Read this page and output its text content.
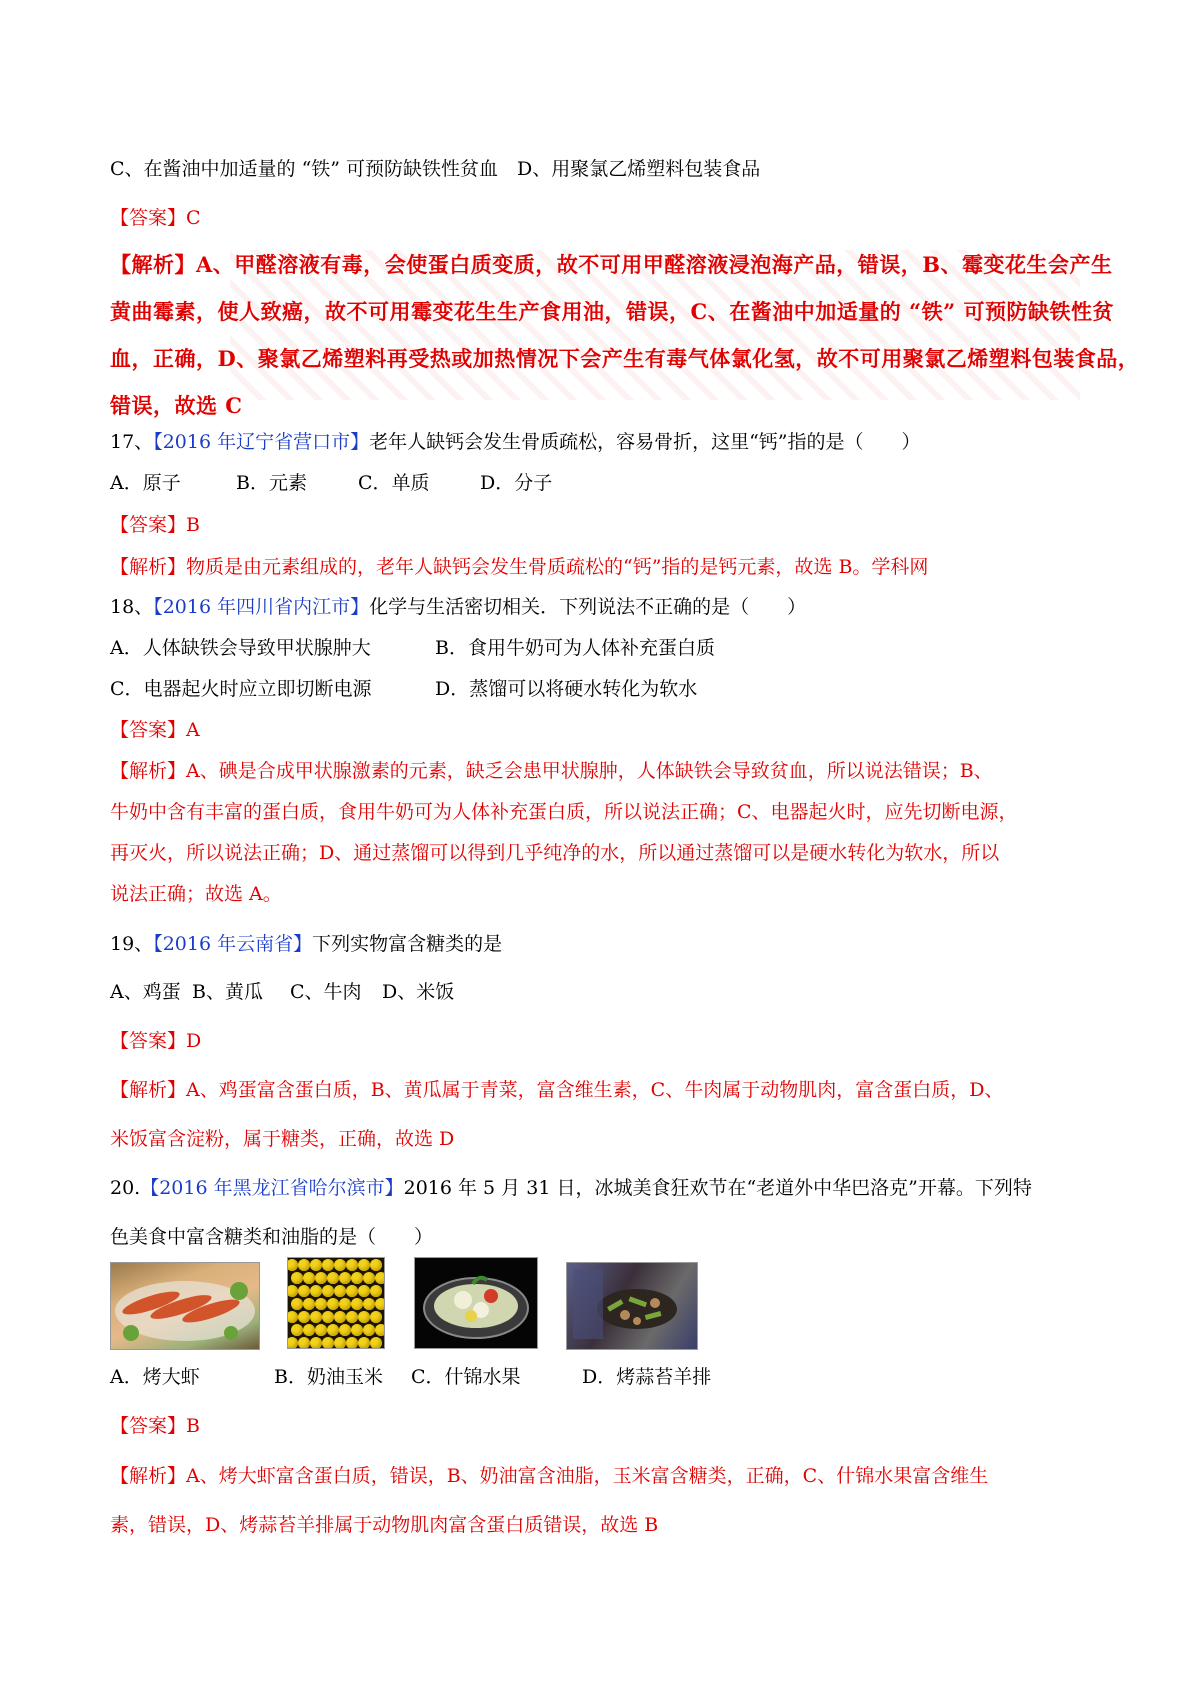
C、在酱油中加适量的 “铁” 可预防缺铁性贫血　D、用聚氯乙烯塑料包装食品
【答案】C
【解析】A、甲醛溶液有毒，会使蛋白质变质，故不可用甲醛溶液浸泡海产品，错误，B、霉变花生会产生
黄曲霉素，使人致癌，故不可用霉变花生生产食用油，错误，C、在酱油中加适量的 “铁” 可预防缺铁性贫
血，正确，D、聚氯乙烯塑料再受热或加热情况下会产生有毒气体氯化氢，故不可用聚氯乙烯塑料包装食品，
错误，故选 C
17、【2016 年辽宁省营口市】老年人缺钙会发生骨质疏松，容易骨折，这里“钙”指的是（　　）
A．原子	B．元素	C．单质	D．分子
【答案】B
【解析】物质是由元素组成的，老年人缺钙会发生骨质疏松的“钙”指的是钙元素，故选 B。学科网
18、【2016 年四川省内江市】化学与生活密切相关．下列说法不正确的是（　　）
A．人体缺铁会导致甲状腺肿大	B．食用牛奶可为人体补充蛋白质
C．电器起火时应立即切断电源	D．蒸馏可以将硬水转化为软水
【答案】A
【解析】A、碘是合成甲状腺激素的元素，缺乏会患甲状腺肿，人体缺铁会导致贫血，所以说法错误；B、
牛奶中含有丰富的蛋白质，食用牛奶可为人体补充蛋白质，所以说法正确；C、电器起火时，应先切断电源，
再灭火，所以说法正确；D、通过蒸馏可以得到几乎纯净的水，所以通过蒸馏可以是硬水转化为软水，所以
说法正确；故选 A。
19、【2016 年云南省】下列实物富含糖类的是
A、鸡蛋 B、黄瓜 C、牛肉 D、米饭
【答案】D
【解析】A、鸡蛋富含蛋白质，B、黄瓜属于青菜，富含维生素，C、牛肉属于动物肌肉，富含蛋白质，D、
米饭富含淀粉，属于糖类，正确，故选 D
20.【2016 年黑龙江省哈尔滨市】2016 年 5 月 31 日，冰城美食狂欢节在“老道外中华巴洛克”开幕。下列特
色美食中富含糖类和油脂的是（　　）
A．烤大虾	B．奶油玉米 C．什锦水果	D．烤蒜苔羊排
【答案】B
【解析】A、烤大虾富含蛋白质，错误，B、奶油富含油脂，玉米富含糖类，正确，C、什锦水果富含维生
素，错误，D、烤蒜苔羊排属于动物肌肉富含蛋白质错误，故选 B
